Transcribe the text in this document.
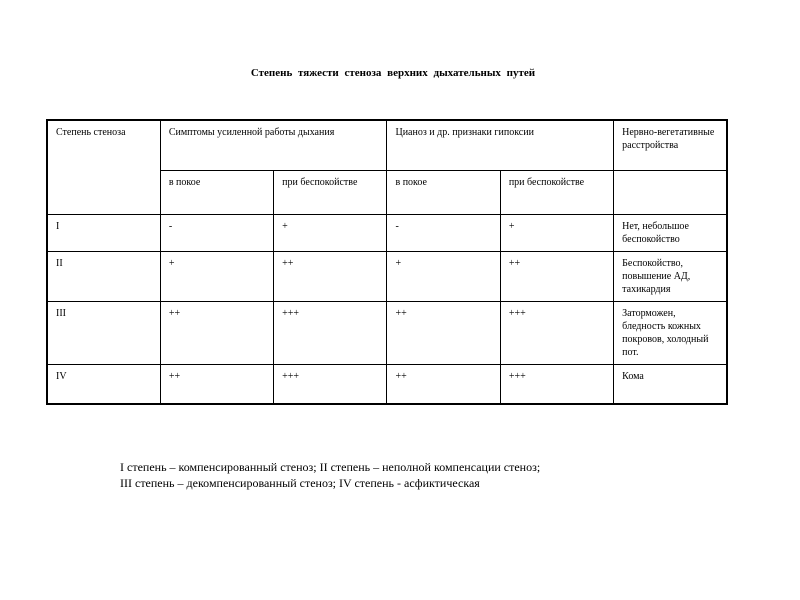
Степень тяжести стеноза верхних дыхательных путей
Степень стеноза	Симптомы усиленной работы дыхания		Цианоз и др. признаки гипоксии		Нервно-вегетативные расстройства
	в покое	при беспокойстве	в покое	при беспокойстве	
I	-	+	-	+	Нет, небольшое беспокойство
II	+	++	+	++	Беспокойство, повышение АД, тахикардия
III	++	+++	++	+++	Заторможен, бледность кожных покровов, холодный пот.
IV	++	+++	++	+++	Кома
I степень – компенсированный стеноз; II степень – неполной компенсации стеноз;
III степень – декомпенсированный стеноз; IV степень - асфиктическая
